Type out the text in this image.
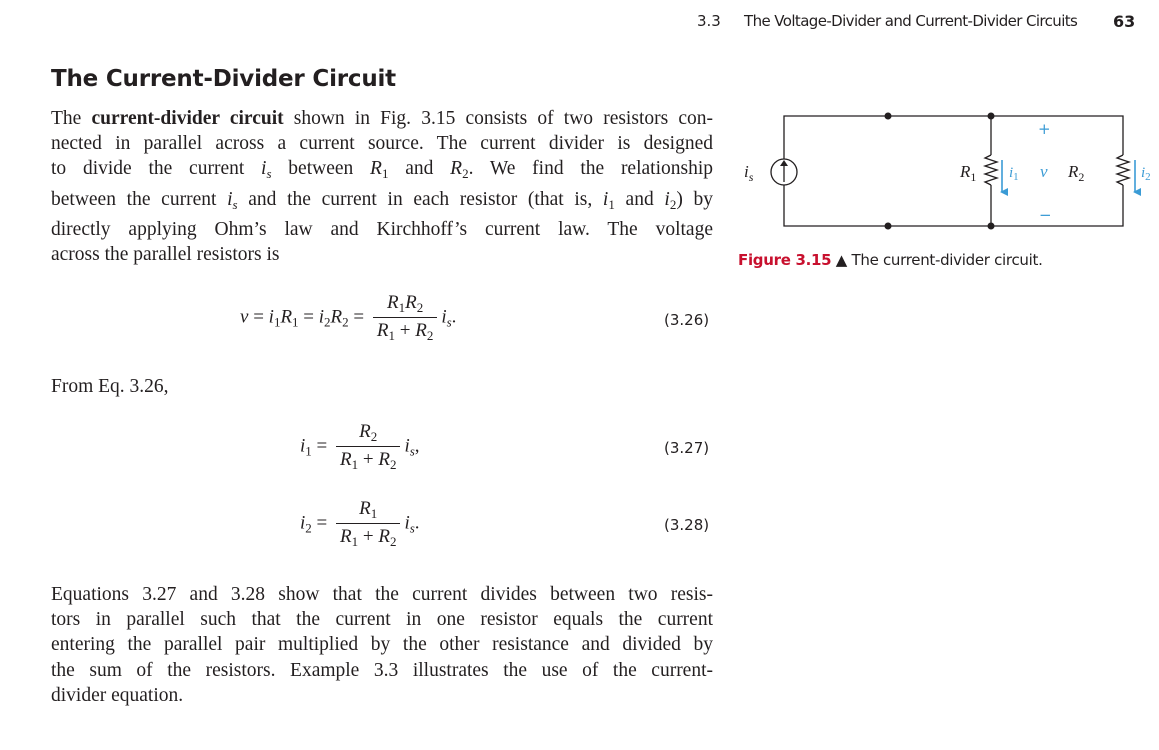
3.3 The Voltage-Divider and Current-Divider Circuits 63
The Current-Divider Circuit
The current-divider circuit shown in Fig. 3.15 consists of two resistors con-
nected in parallel across a current source. The current divider is designed
to divide the current $i_s$ between $R_1$ and $R_2$. We find the relationship
between the current $i_s$ and the current in each resistor (that is, $i_1$ and $i_2$) by
directly applying Ohm’s law and Kirchhoff’s current law. The voltage
across the parallel resistors is
$v = i_1R_1 = i_2R_2 = \frac{R_1R_2}{R_1 + R_2} i_s$.	(3.26)
From Eq. 3.26,
$i_1 = \frac{R_2}{R_1 + R_2} i_s$,	(3.27)
$i_2 = \frac{R_1}{R_1 + R_2} i_s$.	(3.28)
Equations 3.27 and 3.28 show that the current divides between two resis-
tors in parallel such that the current in one resistor equals the current
entering the parallel pair multiplied by the other resistance and divided by
the sum of the resistors. Example 3.3 illustrates the use of the current-
divider equation.
$i_s$	$R_1$	$R_2$
v
$i_1$	$i_2$
+
−
Figure 3.15 ▲ The current-divider circuit.
